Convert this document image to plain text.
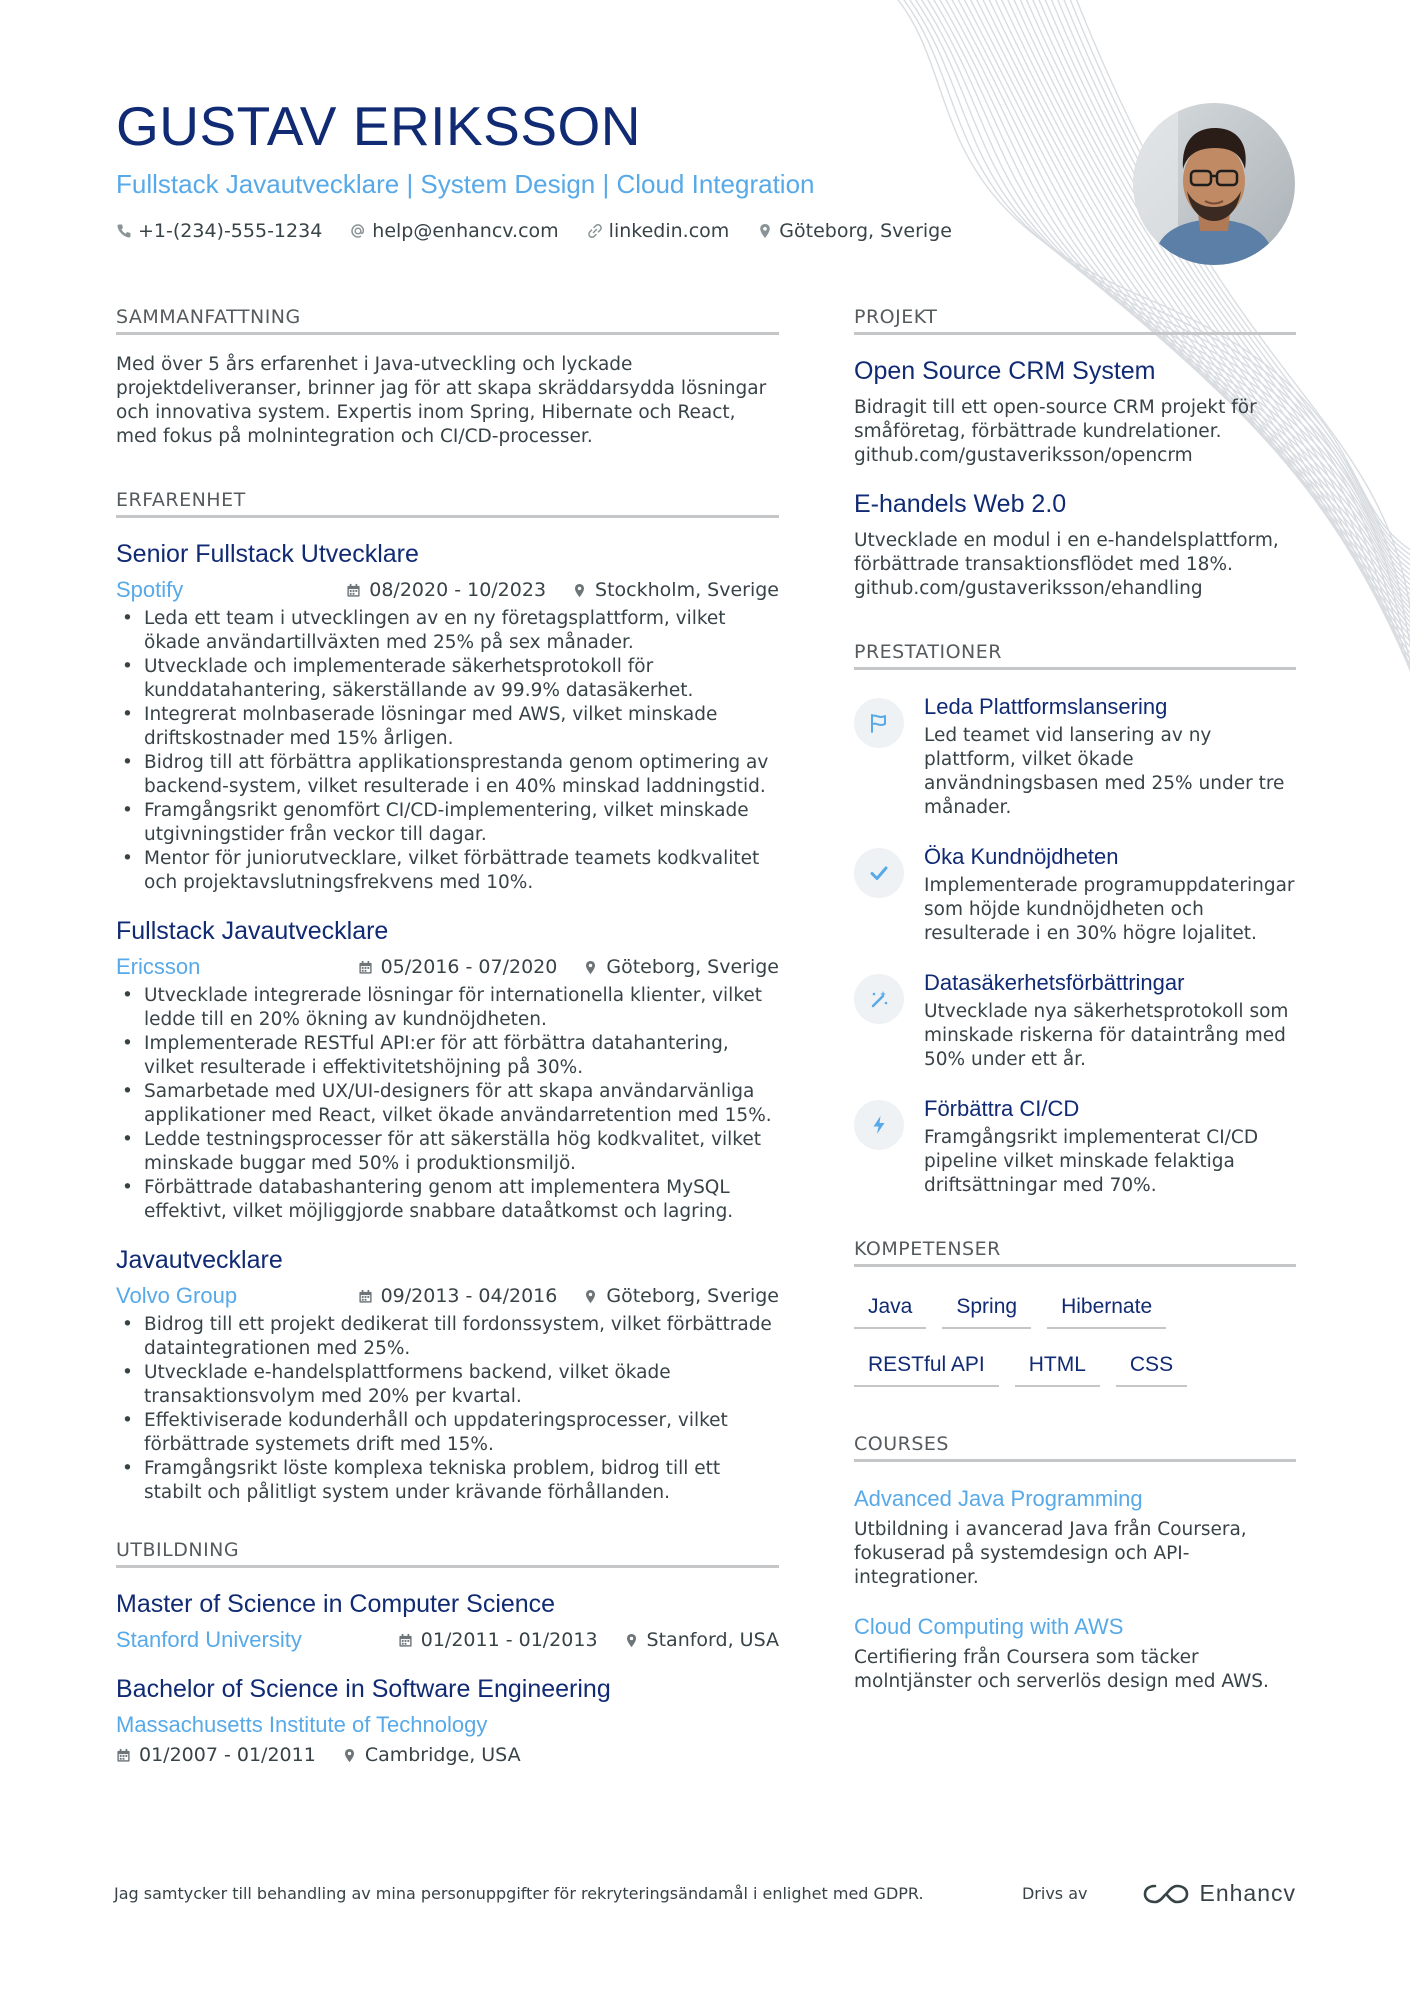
GUSTAV ERIKSSON
Fullstack Javautvecklare | System Design | Cloud Integration
+1-(234)-555-1234	help@enhancv.com	linkedin.com	Göteborg, Sverige
SAMMANFATTNING
Med över 5 års erfarenhet i Java-utveckling och lyckade projektdeliveranser, brinner jag för att skapa skräddarsydda lösningar och innovativa system. Expertis inom Spring, Hibernate och React, med fokus på molnintegration och CI/CD-processer.
ERFARENHET
Senior Fullstack Utvecklare
Spotify	08/2020 - 10/2023	Stockholm, Sverige
• Leda ett team i utvecklingen av en ny företagsplattform, vilket ökade användartillväxten med 25% på sex månader.
• Utvecklade och implementerade säkerhetsprotokoll för kunddatahantering, säkerställande av 99.9% datasäkerhet.
• Integrerat molnbaserade lösningar med AWS, vilket minskade driftskostnader med 15% årligen.
• Bidrog till att förbättra applikationsprestanda genom optimering av backend-system, vilket resulterade i en 40% minskad laddningstid.
• Framgångsrikt genomfört CI/CD-implementering, vilket minskade utgivningstider från veckor till dagar.
• Mentor för juniorutvecklare, vilket förbättrade teamets kodkvalitet och projektavslutningsfrekvens med 10%.
Fullstack Javautvecklare
Ericsson	05/2016 - 07/2020	Göteborg, Sverige
• Utvecklade integrerade lösningar för internationella klienter, vilket ledde till en 20% ökning av kundnöjdheten.
• Implementerade RESTful API:er för att förbättra datahantering, vilket resulterade i effektivitetshöjning på 30%.
• Samarbetade med UX/UI-designers för att skapa användarvänliga applikationer med React, vilket ökade användarretention med 15%.
• Ledde testningsprocesser för att säkerställa hög kodkvalitet, vilket minskade buggar med 50% i produktionsmiljö.
• Förbättrade databashantering genom att implementera MySQL effektivt, vilket möjliggjorde snabbare dataåtkomst och lagring.
Javautvecklare
Volvo Group	09/2013 - 04/2016	Göteborg, Sverige
• Bidrog till ett projekt dedikerat till fordonssystem, vilket förbättrade dataintegrationen med 25%.
• Utvecklade e-handelsplattformens backend, vilket ökade transaktionsvolym med 20% per kvartal.
• Effektiviserade kodunderhåll och uppdateringsprocesser, vilket förbättrade systemets drift med 15%.
• Framgångsrikt löste komplexa tekniska problem, bidrog till ett stabilt och pålitligt system under krävande förhållanden.
UTBILDNING
Master of Science in Computer Science
Stanford University	01/2011 - 01/2013	Stanford, USA
Bachelor of Science in Software Engineering
Massachusetts Institute of Technology
01/2007 - 01/2011	Cambridge, USA
PROJEKT
Open Source CRM System
Bidragit till ett open-source CRM projekt för småföretag, förbättrade kundrelationer. github.com/gustaveriksson/opencrm
E-handels Web 2.0
Utvecklade en modul i en e-handelsplattform, förbättrade transaktionsflödet med 18%. github.com/gustaveriksson/ehandling
PRESTATIONER
Leda Plattformslansering
Led teamet vid lansering av ny plattform, vilket ökade användningsbasen med 25% under tre månader.
Öka Kundnöjdheten
Implementerade programuppdateringar som höjde kundnöjdheten och resulterade i en 30% högre lojalitet.
Datasäkerhetsförbättringar
Utvecklade nya säkerhetsprotokoll som minskade riskerna för dataintrång med 50% under ett år.
Förbättra CI/CD
Framgångsrikt implementerat CI/CD pipeline vilket minskade felaktiga driftsättningar med 70%.
KOMPETENSER
Java	Spring	Hibernate
RESTful API	HTML	CSS
COURSES
Advanced Java Programming
Utbildning i avancerad Java från Coursera, fokuserad på systemdesign och API-integrationer.
Cloud Computing with AWS
Certifiering från Coursera som täcker molntjänster och serverlös design med AWS.
Jag samtycker till behandling av mina personuppgifter för rekryteringsändamål i enlighet med GDPR.	Drivs av	Enhancv
